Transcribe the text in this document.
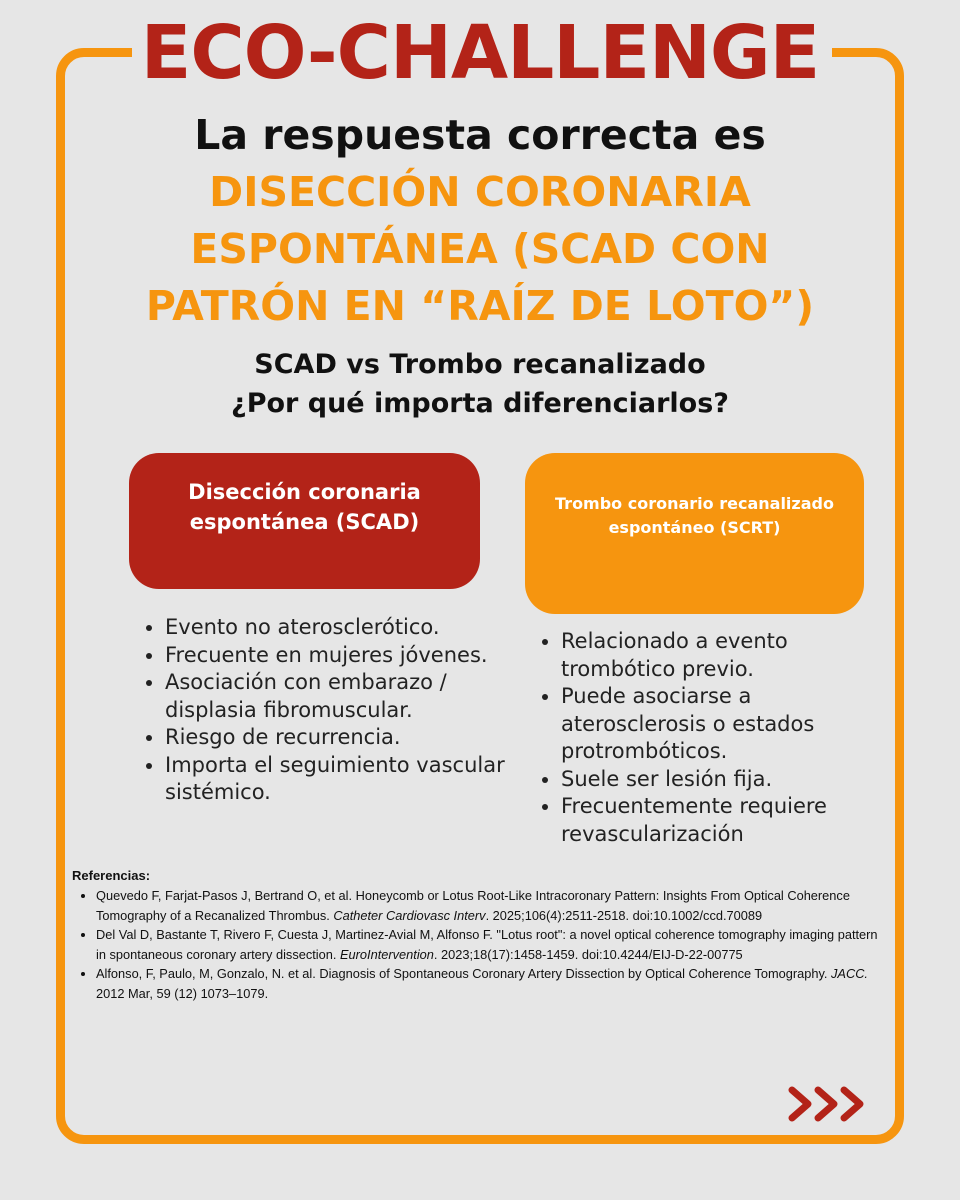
ECO-CHALLENGE
La respuesta correcta es
DISECCIÓN CORONARIA
ESPONTÁNEA (SCAD CON
PATRÓN EN “RAÍZ DE LOTO”)
SCAD vs Trombo recanalizado
¿Por qué importa diferenciarlos?
Disección coronaria
espontánea (SCAD)
Trombo coronario recanalizado
espontáneo (SCRT)
• Evento no aterosclerótico.
• Frecuente en mujeres jóvenes.
• Asociación con embarazo / displasia fibromuscular.
• Riesgo de recurrencia.
• Importa el seguimiento vascular sistémico.
• Relacionado a evento trombótico previo.
• Puede asociarse a aterosclerosis o estados protrombóticos.
• Suele ser lesión fija.
• Frecuentemente requiere revascularización
Referencias:
• Quevedo F, Farjat-Pasos J, Bertrand O, et al. Honeycomb or Lotus Root-Like Intracoronary Pattern: Insights From Optical Coherence Tomography of a Recanalized Thrombus. Catheter Cardiovasc Interv. 2025;106(4):2511-2518. doi:10.1002/ccd.70089
• Del Val D, Bastante T, Rivero F, Cuesta J, Martinez-Avial M, Alfonso F. "Lotus root": a novel optical coherence tomography imaging pattern in spontaneous coronary artery dissection. EuroIntervention. 2023;18(17):1458-1459. doi:10.4244/EIJ-D-22-00775
• Alfonso, F, Paulo, M, Gonzalo, N. et al. Diagnosis of Spontaneous Coronary Artery Dissection by Optical Coherence Tomography. JACC. 2012 Mar, 59 (12) 1073–1079.
